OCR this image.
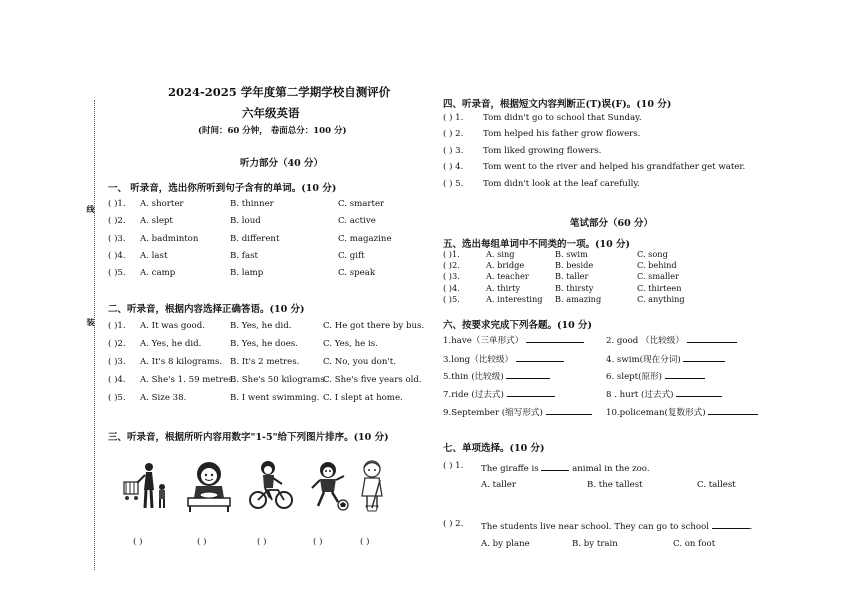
线
装
2024-2025 学年度第二学期学校自测评价
六年级英语
(时间：60 分钟， 卷面总分：100 分)
听力部分（40 分）
一、 听录音，选出你所听到句子含有的单词。(10 分)
( )1. A. shorter	B. thinner	C. smarter
( )2. A. slept	B. loud	C. active
( )3. A. badminton	B. different	C. magazine
( )4. A. last	B. fast	C. gift
( )5. A. camp	B. lamp	C. speak
二、听录音，根据内容选择正确答语。(10 分)
( )1. A. It was good.	B. Yes, he did.	C. He got there by bus.
( )2. A. Yes, he did.	B. Yes, he does.	C. Yes, he is.
( )3. A. It's 8 kilograms. B. It's 2 metres.	C. No, you don't.
( )4. A. She's 1. 59 metres.
B. She's 50 kilograms.
C. She's five years old.
( )5. A. Size 38.	B. I went swimming. C. I slept at home.
三、听录音，根据所听内容用数字"1-5"给下列图片排序。(10 分)
( )	( )	( )	( )	( )
四、听录音，根据短文内容判断正(T)误(F)。(10 分)
( ) 1. Tom didn't go to school that Sunday.
( ) 2. Tom helped his father grow flowers.
( ) 3. Tom liked growing flowers.
( ) 4. Tom went to the river and helped his grandfather get water.
( ) 5. Tom didn't look at the leaf carefully.
笔试部分（60 分）
五、选出每组单词中不同类的一项。(10 分)
( )1.	A. sing	B. swim	C. song
( )2.	A. bridge	B. beside	C. behind
( )3.	A. teacher	B. taller	C. smaller
( )4.	A. thirty	B. thirsty	C. thirteen
( )5.	A. interesting B. amazing	C. anything
六、按要求完成下列各题。(10 分)
1.have（三单形式）	2. good （比较级）
3.long（比较级）	4. swim(现在分词)
5.thin (比较级)	6. slept(原形)
7.ride (过去式)	8 . hurt (过去式)
9.September (缩写形式)	10.policeman(复数形式)
七、单项选择。(10 分)
( ) 1. The giraffe is	animal in the zoo.
A. taller	B. the tallest	C. tallest
( ) 2. The students live near school. They can go to school	.
A. by plane	B. by train	C. on foot
